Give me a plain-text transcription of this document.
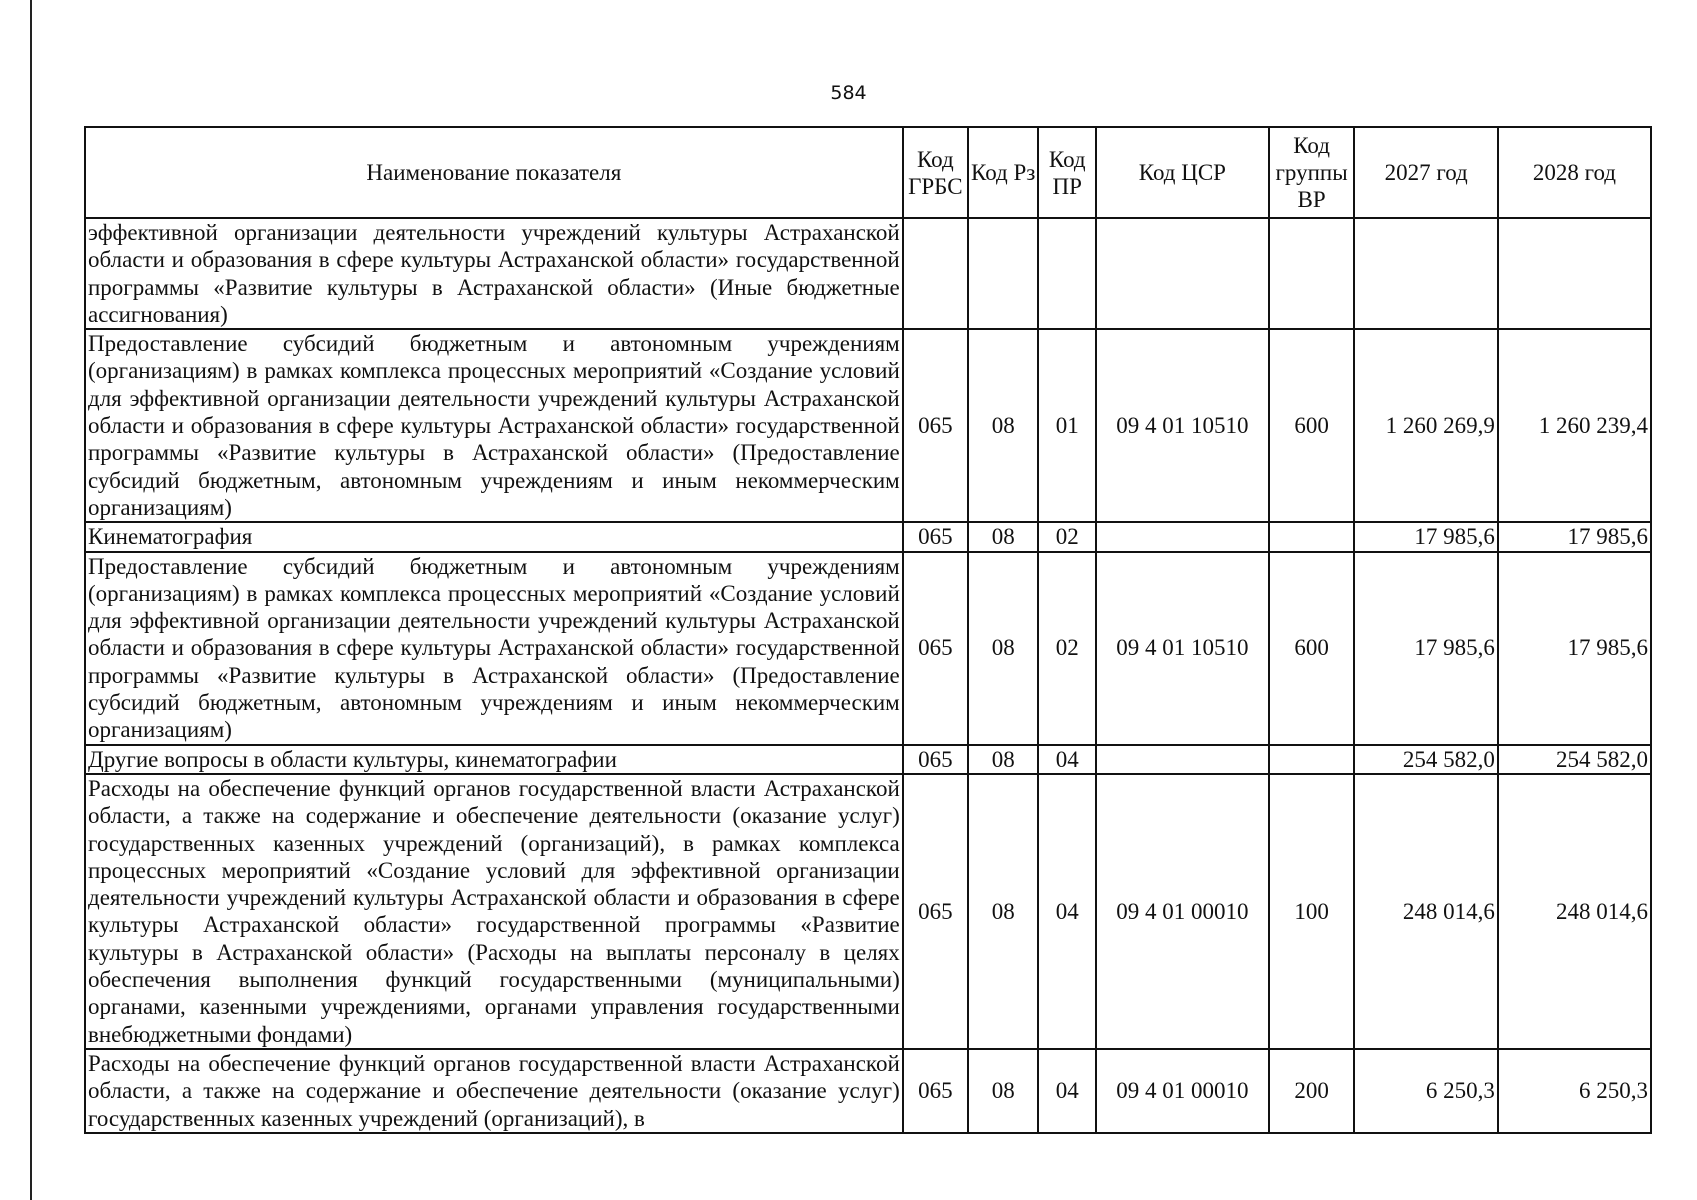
584
Наименование показателя	Код ГРБС	Код Рз	Код ПР	Код ЦСР	Код группы ВР	2027 год	2028 год
эффективной организации деятельности учреждений культуры Астраханской области и образования в сфере культуры Астраханской области» государственной программы «Развитие культуры в Астраханской области» (Иные бюджетные ассигнования)							
Предоставление субсидий бюджетным и автономным учреждениям (организациям) в рамках комплекса процессных мероприятий «Создание условий для эффективной организации деятельности учреждений культуры Астраханской области и образования в сфере культуры Астраханской области» государственной программы «Развитие культуры в Астраханской области» (Предоставление субсидий бюджетным, автономным учреждениям и иным некоммерческим организациям)	065	08	01	09 4 01 10510	600	1 260 269,9	1 260 239,4
Кинематография	065	08	02			17 985,6	17 985,6
Предоставление субсидий бюджетным и автономным учреждениям (организациям) в рамках комплекса процессных мероприятий «Создание условий для эффективной организации деятельности учреждений культуры Астраханской области и образования в сфере культуры Астраханской области» государственной программы «Развитие культуры в Астраханской области» (Предоставление субсидий бюджетным, автономным учреждениям и иным некоммерческим организациям)	065	08	02	09 4 01 10510	600	17 985,6	17 985,6
Другие вопросы в области культуры, кинематографии	065	08	04			254 582,0	254 582,0
Расходы на обеспечение функций органов государственной власти Астраханской области, а также на содержание и обеспечение деятельности (оказание услуг) государственных казенных учреждений (организаций), в рамках комплекса процессных мероприятий «Создание условий для эффективной организации деятельности учреждений культуры Астраханской области и образования в сфере культуры Астраханской области» государственной программы «Развитие культуры в Астраханской области» (Расходы на выплаты персоналу в целях обеспечения выполнения функций государственными (муниципальными) органами, казенными учреждениями, органами управления государственными внебюджетными фондами)	065	08	04	09 4 01 00010	100	248 014,6	248 014,6
Расходы на обеспечение функций органов государственной власти Астраханской области, а также на содержание и обеспечение деятельности (оказание услуг) государственных казенных учреждений (организаций), в	065	08	04	09 4 01 00010	200	6 250,3	6 250,3
